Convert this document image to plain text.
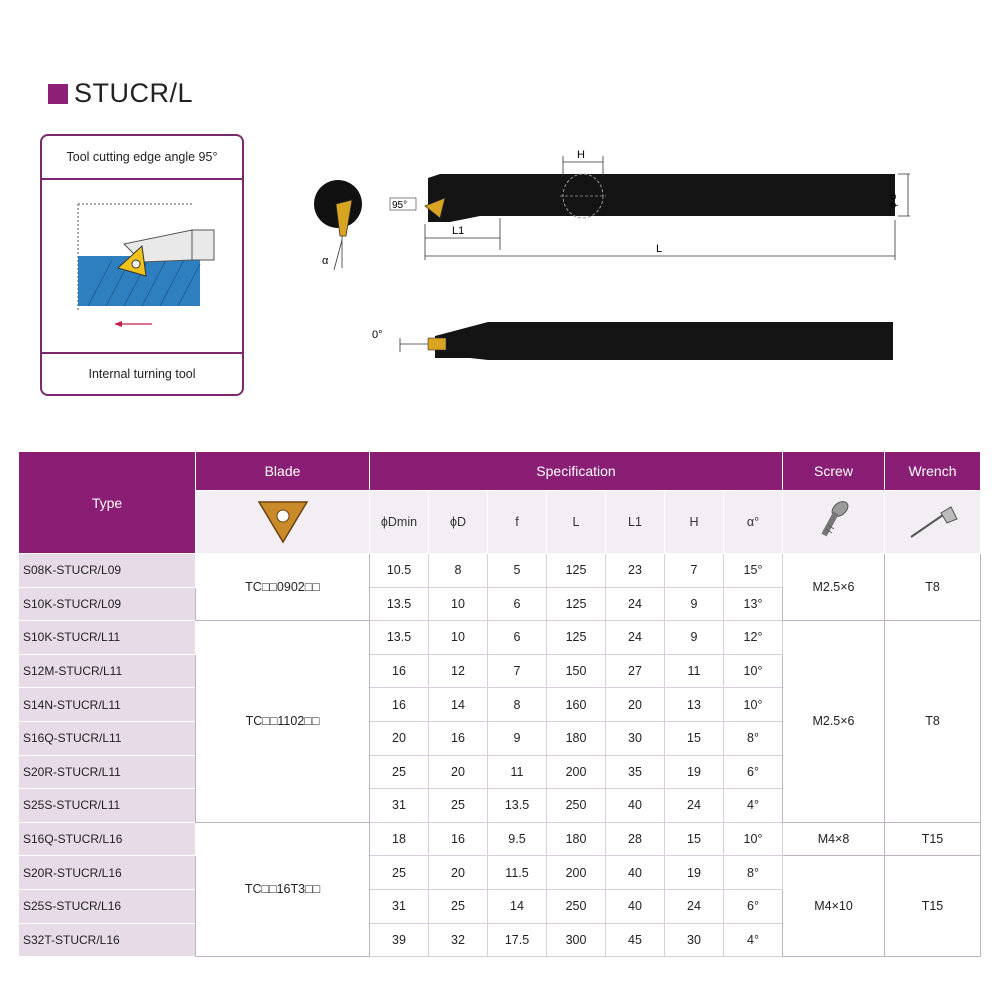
STUCR/L
Tool cutting edge angle 95°
Internal turning tool
α
H
ϕ d
95°
L1
L
0°
Type	Blade	Specification							Screw	Wrench
	ϕDmin	ϕD	f	L	L1	H	α°		
S08K-STUCR/L09	TC□□0902□□	10.5	8	5	125	23	7	15°	M2.5×6	T8
S10K-STUCR/L09		13.5	10	6	125	24	9	13°		
S10K-STUCR/L11	TC□□1102□□	13.5	10	6	125	24	9	12°	M2.5×6	T8
S12M-STUCR/L11		16	12	7	150	27	11	10°		
S14N-STUCR/L11		16	14	8	160	20	13	10°		
S16Q-STUCR/L11		20	16	9	180	30	15	8°		
S20R-STUCR/L11		25	20	11	200	35	19	6°		
S25S-STUCR/L11		31	25	13.5	250	40	24	4°		
S16Q-STUCR/L16	TC□□16T3□□	18	16	9.5	180	28	15	10°	M4×8	T15
S20R-STUCR/L16		25	20	11.5	200	40	19	8°	M4×10	T15
S25S-STUCR/L16		31	25	14	250	40	24	6°		
S32T-STUCR/L16		39	32	17.5	300	45	30	4°		
